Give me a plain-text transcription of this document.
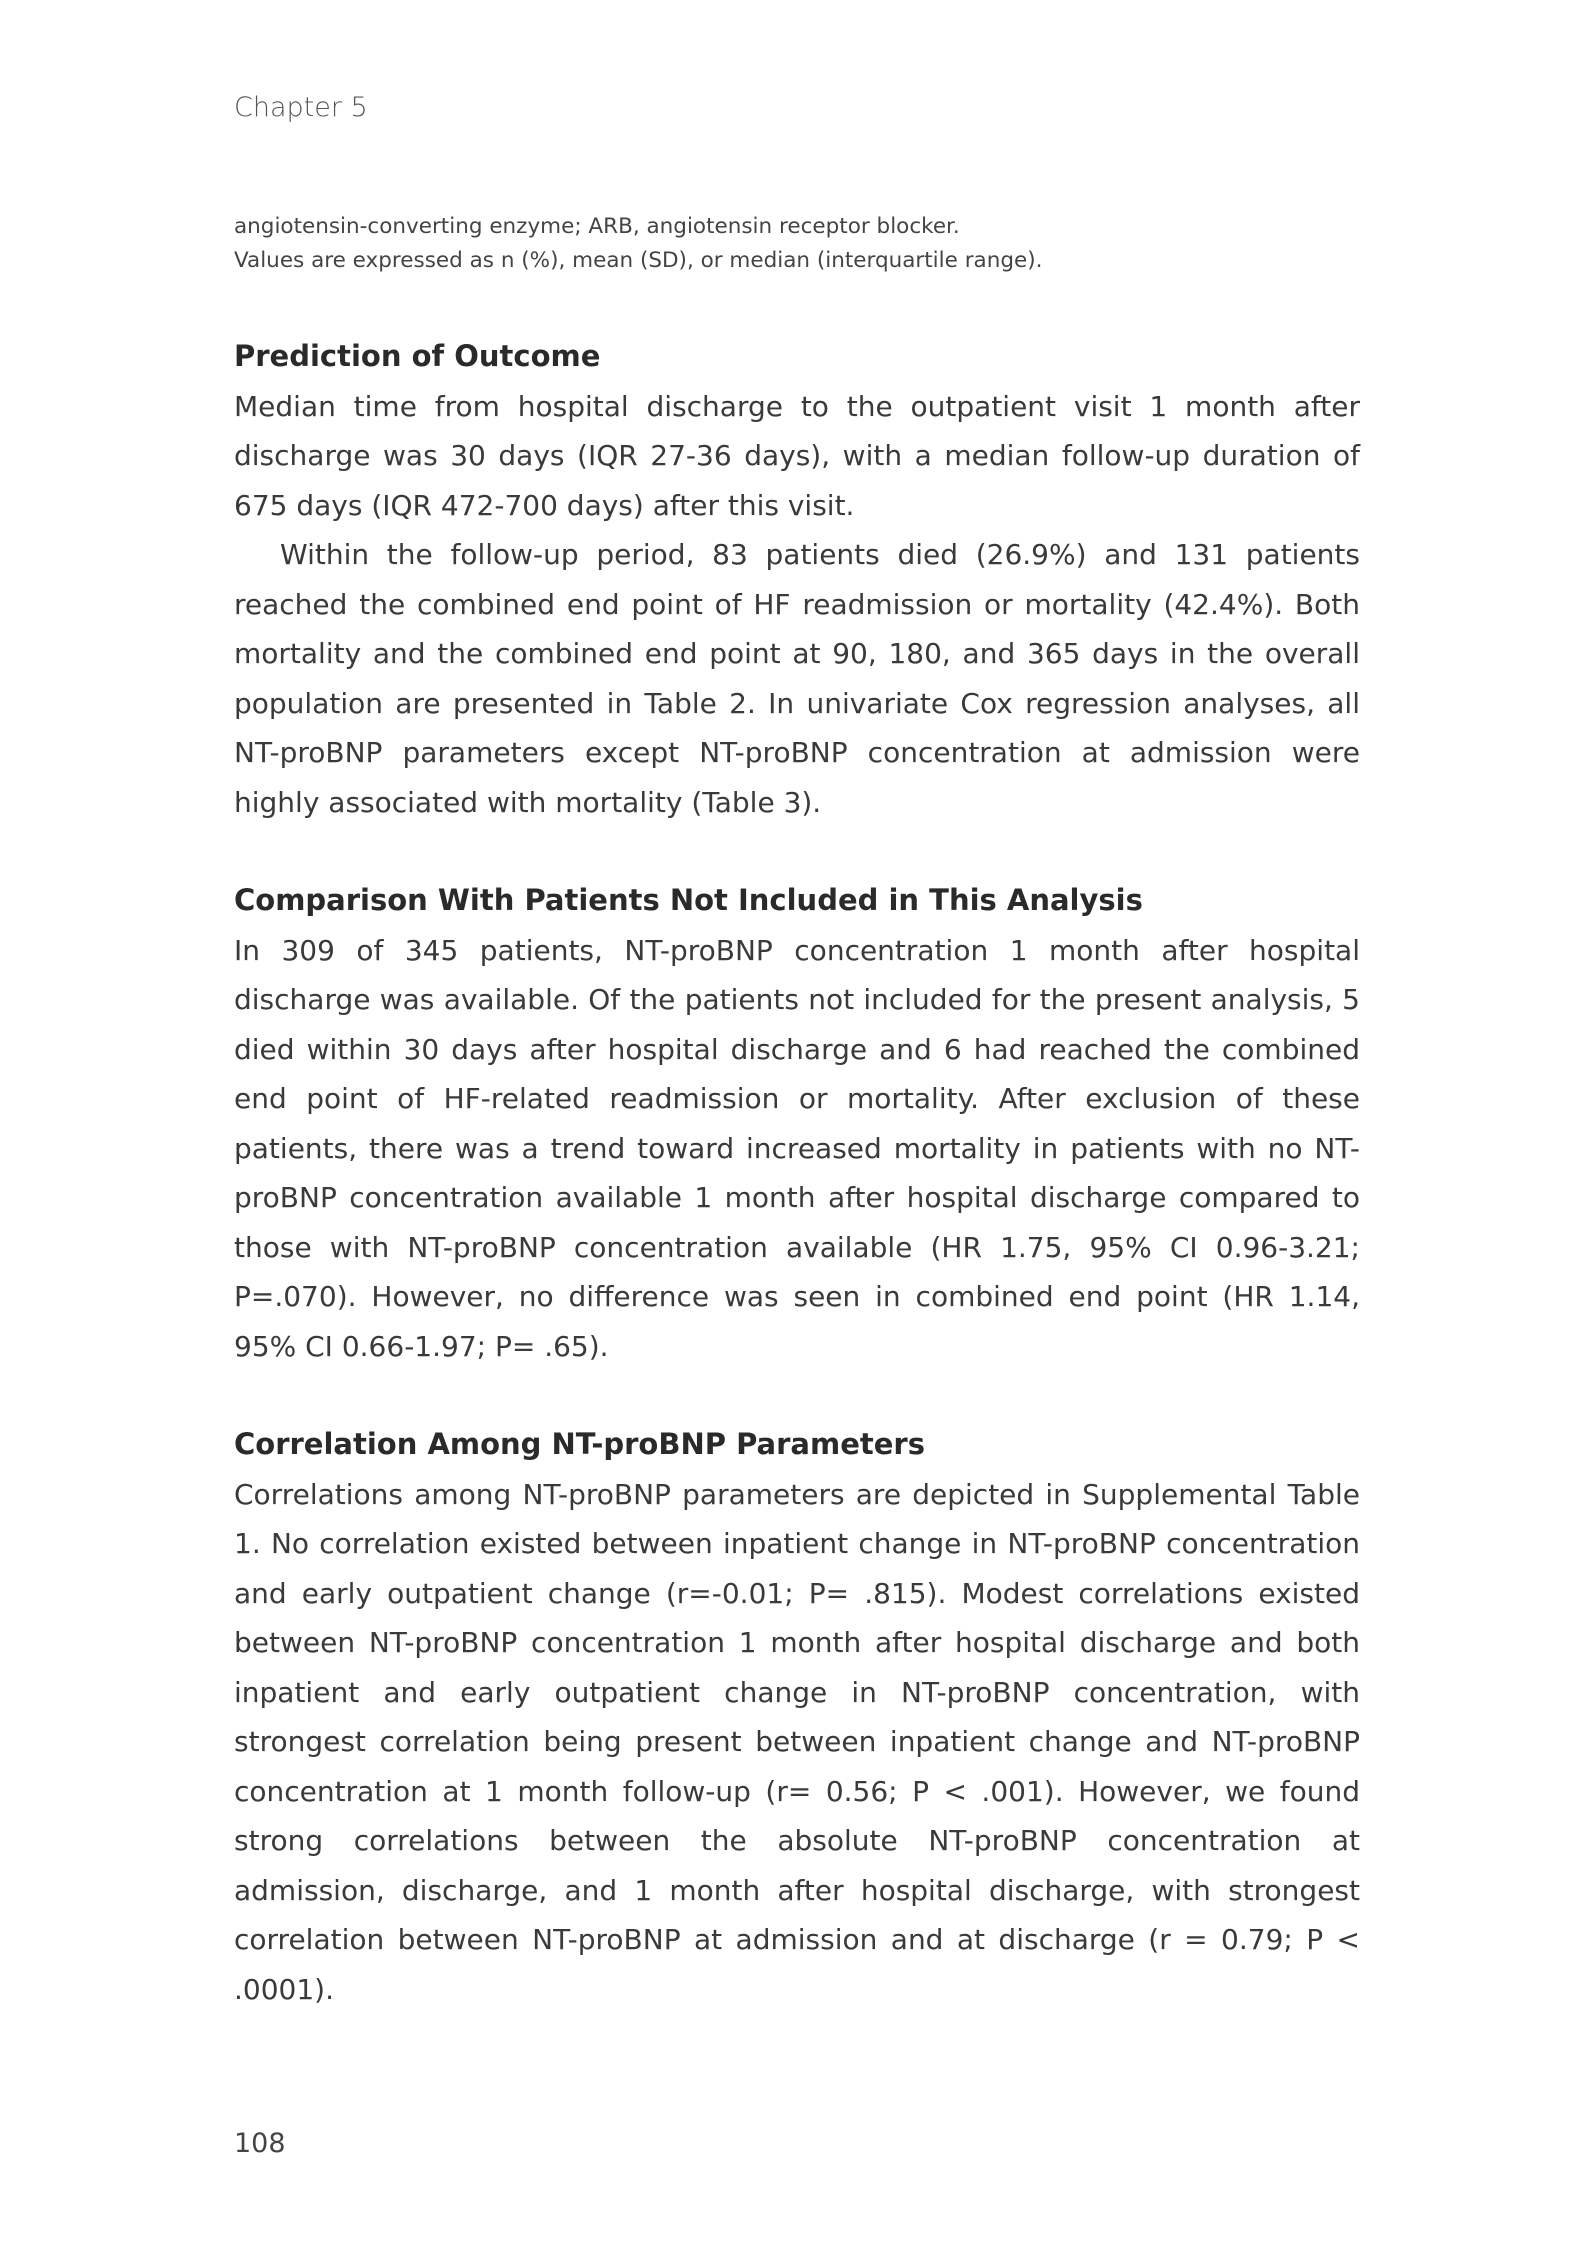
Chapter 5

angiotensin-converting enzyme; ARB, angiotensin receptor blocker.

Values are expressed as n (%), mean (SD), or median (interquartile range).

Prediction of Outcome

Median time from hospital discharge to the outpatient visit 1 month after discharge was 30 days (IQR 27-36 days), with a median follow-up duration of 675 days (IQR 472-700 days) after this visit.

Within the follow-up period, 83 patients died (26.9%) and 131 patients reached the combined end point of HF readmission or mortality (42.4%). Both mortality and the combined end point at 90, 180, and 365 days in the overall population are presented in Table 2. In univariate Cox regression analyses, all NT-proBNP parameters except NT-proBNP concentration at admission were highly associated with mortality (Table 3).

Comparison With Patients Not Included in This Analysis

In 309 of 345 patients, NT-proBNP concentration 1 month after hospital discharge was available. Of the patients not included for the present analysis, 5 died within 30 days after hospital discharge and 6 had reached the combined end point of HF-related readmission or mortality. After exclusion of these patients, there was a trend toward increased mortality in patients with no NT-proBNP concentration available 1 month after hospital discharge compared to those with NT-proBNP concentration available (HR 1.75, 95% CI 0.96-3.21; P=.070). However, no difference was seen in combined end point (HR 1.14, 95% CI 0.66-1.97; P= .65).

Correlation Among NT-proBNP Parameters

Correlations among NT-proBNP parameters are depicted in Supplemental Table 1. No correlation existed between inpatient change in NT-proBNP concentration and early outpatient change (r=-0.01; P= .815). Modest correlations existed between NT-proBNP concentration 1 month after hospital discharge and both inpatient and early outpatient change in NT-proBNP concentration, with strongest correlation being present between inpatient change and NT-proBNP concentration at 1 month follow-up (r= 0.56; P < .001). However, we found strong correlations between the absolute NT-proBNP concentration at admission, discharge, and 1 month after hospital discharge, with strongest correlation between NT-proBNP at admission and at discharge (r = 0.79; P < .0001).

108
